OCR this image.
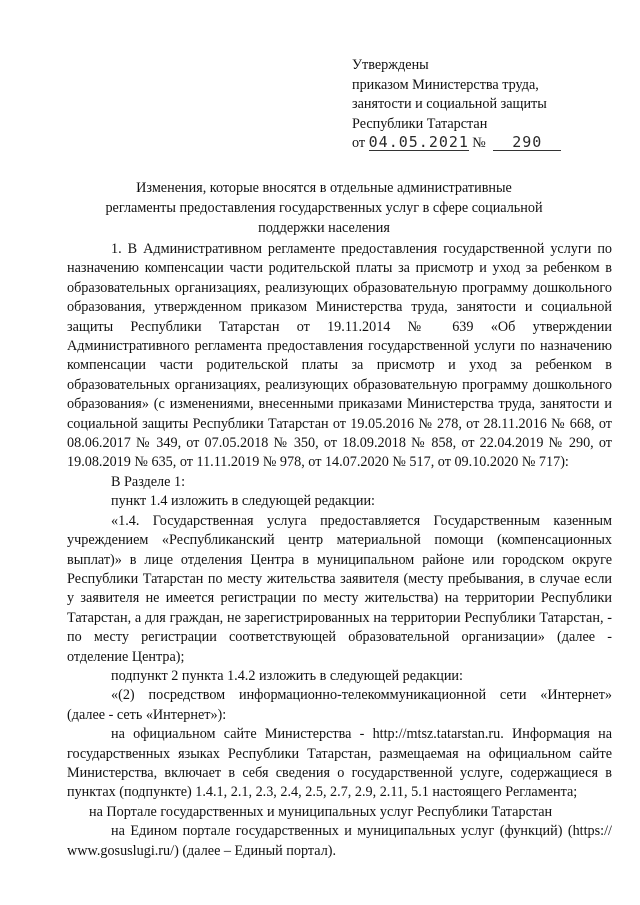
Утверждены
приказом Министерства труда,
занятости и социальной защиты
Республики Татарстан
от 04.05.2021 № 290
Изменения, которые вносятся в отдельные административные регламенты предоставления государственных услуг в сфере социальной поддержки населения

1. В Административном регламенте предоставления государственной услуги по назначению компенсации части родительской платы за присмотр и уход за ребенком в образовательных организациях, реализующих образовательную программу дошкольного образования, утвержденном приказом Министерства труда, занятости и социальной защиты Республики Татарстан от 19.11.2014 № 639 «Об утверждении Административного регламента предоставления государственной услуги по назначению компенсации части родительской платы за присмотр и уход за ребенком в образовательных организациях, реализующих образовательную программу дошкольного образования» (с изменениями, внесенными приказами Министерства труда, занятости и социальной защиты Республики Татарстан от 19.05.2016 № 278, от 28.11.2016 № 668, от 08.06.2017 № 349, от 07.05.2018 № 350, от 18.09.2018 № 858, от 22.04.2019 № 290, от 19.08.2019 № 635, от 11.11.2019 № 978, от 14.07.2020 № 517, от 09.10.2020 № 717):

В Разделе 1:

пункт 1.4 изложить в следующей редакции:

«1.4. Государственная услуга предоставляется Государственным казенным учреждением «Республиканский центр материальной помощи (компенсационных выплат)» в лице отделения Центра в муниципальном районе или городском округе Республики Татарстан по месту жительства заявителя (месту пребывания, в случае если у заявителя не имеется регистрации по месту жительства) на территории Республики Татарстан, а для граждан, не зарегистрированных на территории Республики Татарстан, - по месту регистрации соответствующей образовательной организации» (далее - отделение Центра);

подпункт 2 пункта 1.4.2 изложить в следующей редакции:

«(2) посредством информационно-телекоммуникационной сети «Интернет» (далее - сеть «Интернет»):

на официальном сайте Министерства - http://mtsz.tatarstan.ru. Информация на государственных языках Республики Татарстан, размещаемая на официальном сайте Министерства, включает в себя сведения о государственной услуге, содержащиеся в пунктах (подпункте) 1.4.1, 2.1, 2.3, 2.4, 2.5, 2.7, 2.9, 2.11, 5.1 настоящего Регламента;

на Портале государственных и муниципальных услуг Республики Татарстан

на Едином портале государственных и муниципальных услуг (функций) (https:// www.gosuslugi.ru/) (далее – Единый портал).
